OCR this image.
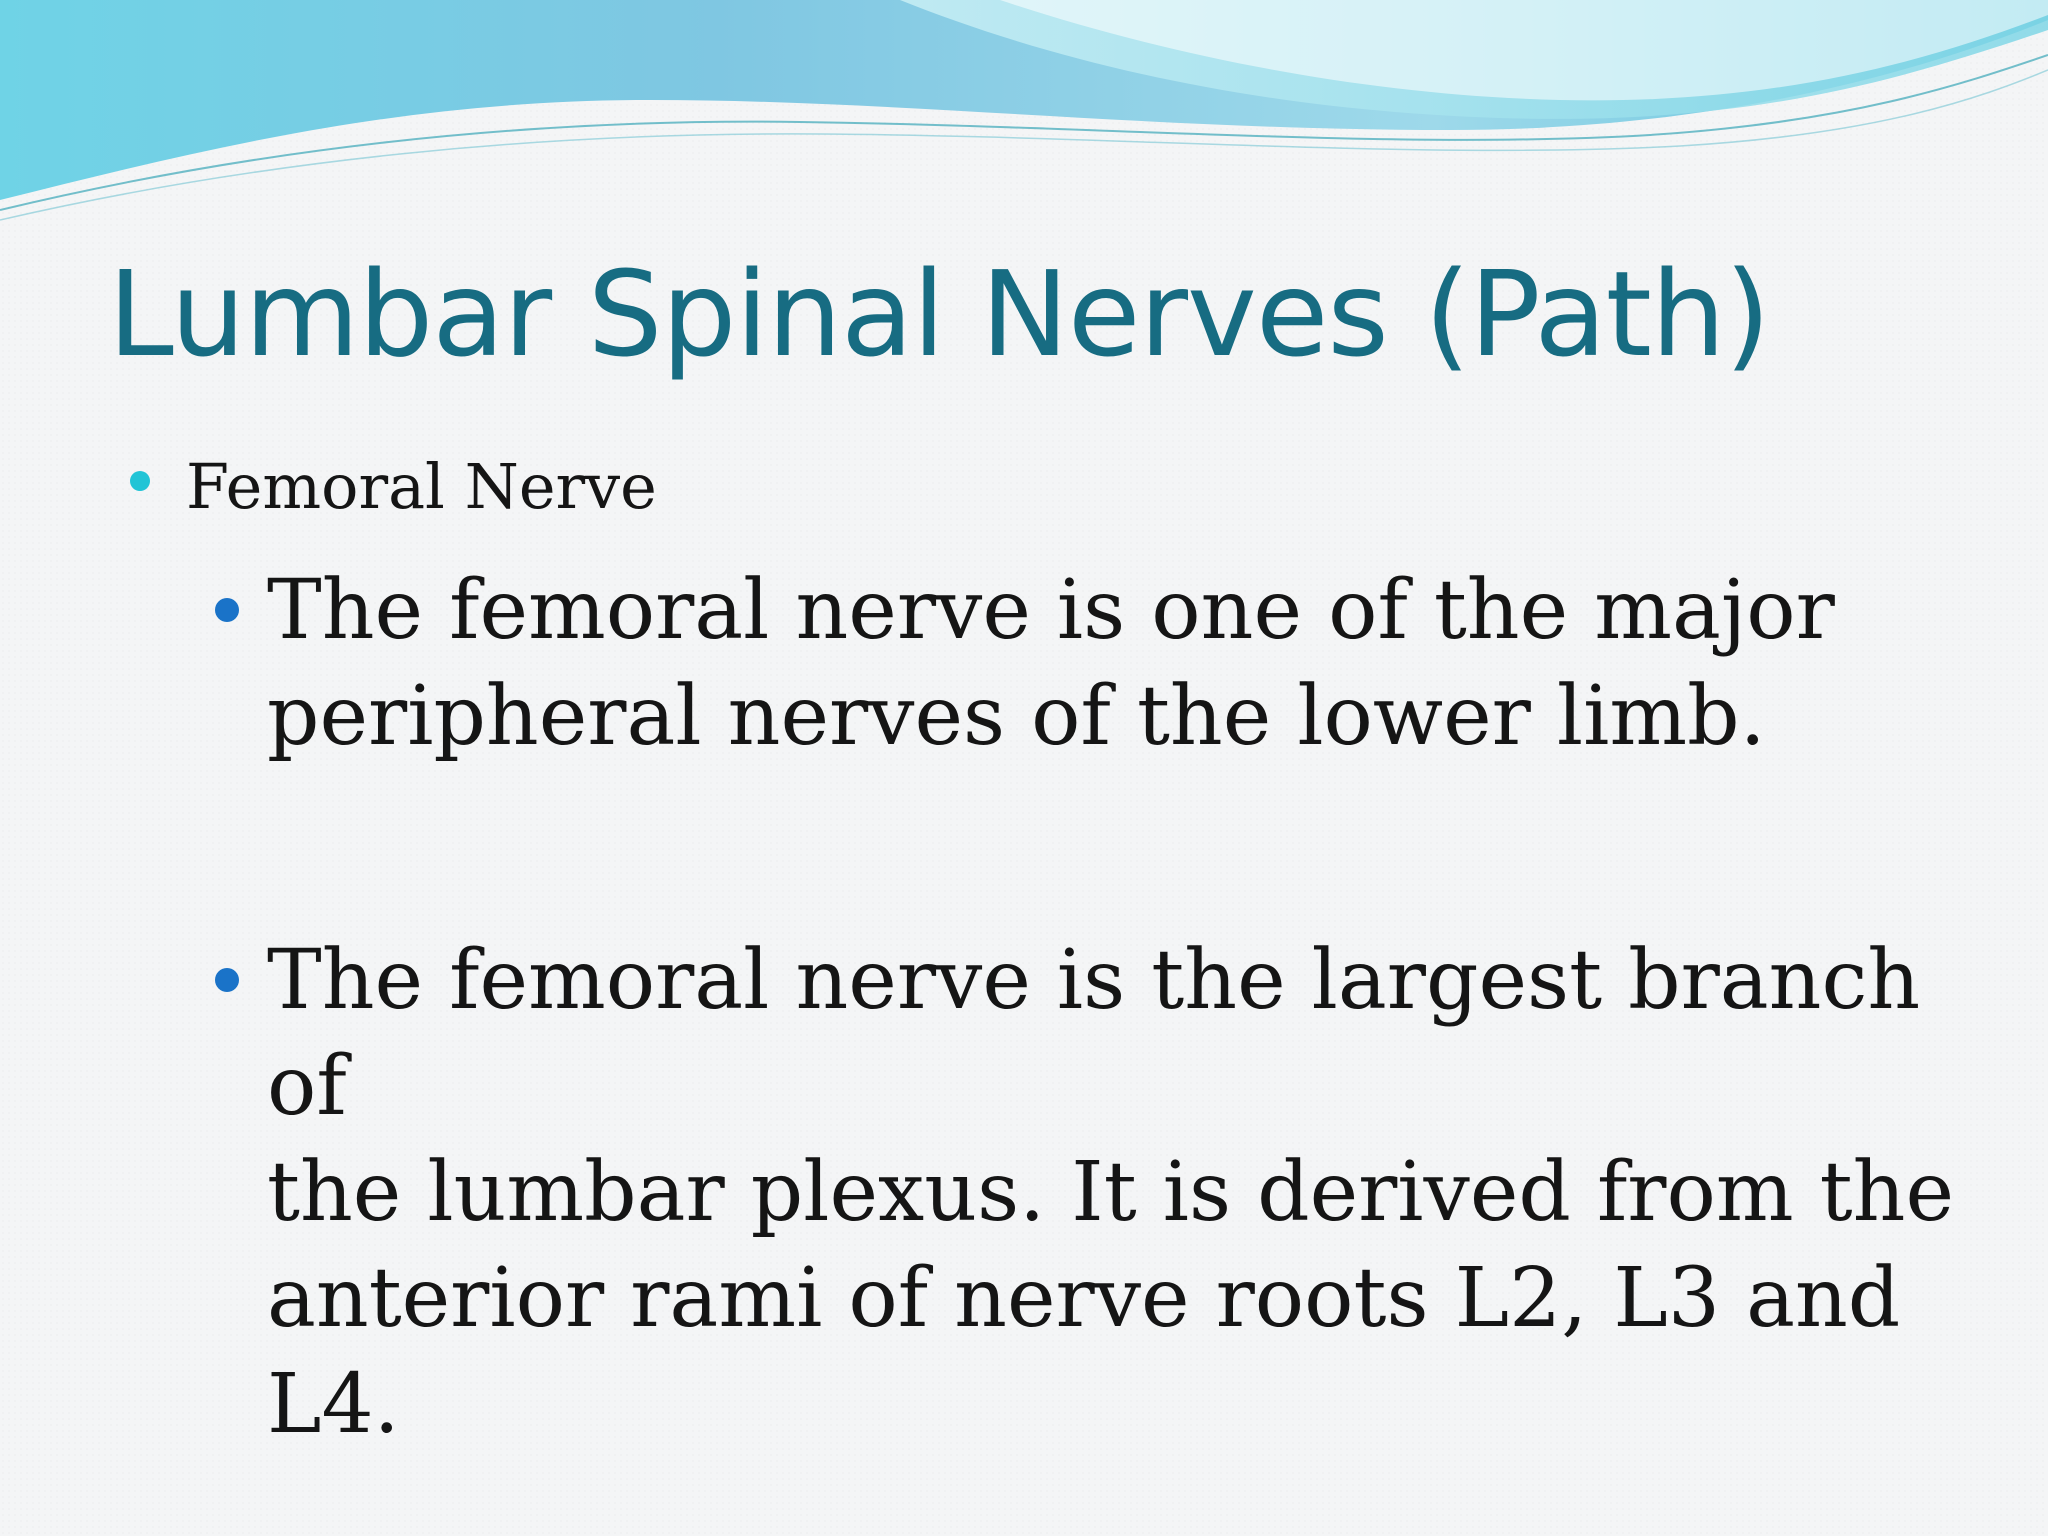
Lumbar Spinal Nerves (Path)
Femoral Nerve
The femoral nerve is one of the major
peripheral nerves of the lower limb.
The femoral nerve is the largest branch of
the lumbar plexus. It is derived from the
anterior rami of nerve roots L2, L3 and
L4.
